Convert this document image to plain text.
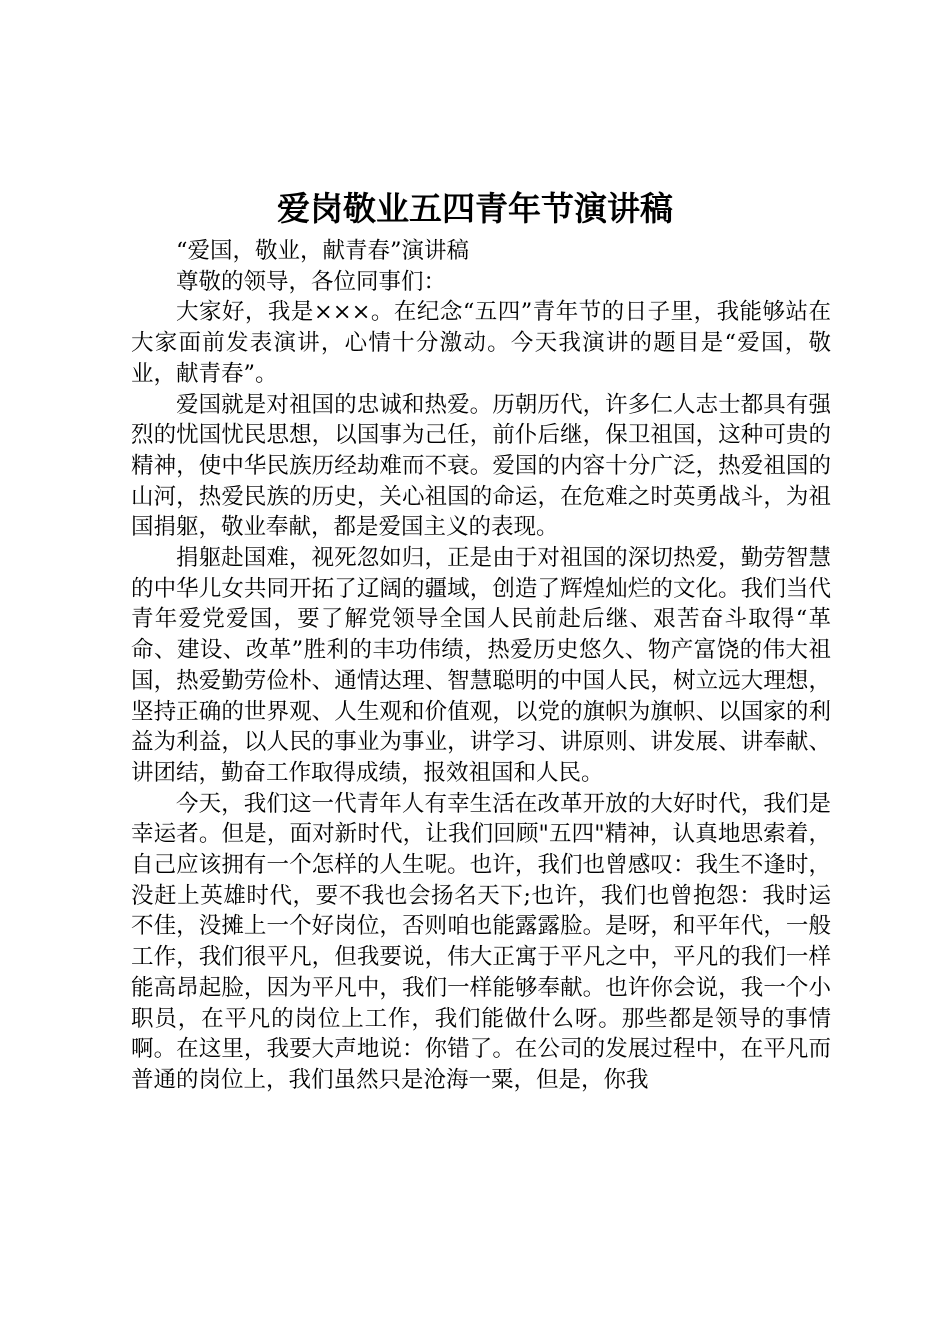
爱岗敬业五四青年节演讲稿

“爱国，敬业，献青春”演讲稿

尊敬的领导，各位同事们：

大家好，我是×××。在纪念“五四”青年节的日子里，我能够站在大家面前发表演讲，心情十分激动。今天我演讲的题目是“爱国，敬业，献青春”。

爱国就是对祖国的忠诚和热爱。历朝历代，许多仁人志士都具有强烈的忧国忧民思想，以国事为己任，前仆后继，保卫祖国，这种可贵的精神，使中华民族历经劫难而不衰。爱国的内容十分广泛，热爱祖国的山河，热爱民族的历史，关心祖国的命运，在危难之时英勇战斗，为祖国捐躯，敬业奉献，都是爱国主义的表现。

捐躯赴国难，视死忽如归，正是由于对祖国的深切热爱，勤劳智慧的中华儿女共同开拓了辽阔的疆域，创造了辉煌灿烂的文化。我们当代青年爱党爱国，要了解党领导全国人民前赴后继、艰苦奋斗取得“革命、建设、改革”胜利的丰功伟绩，热爱历史悠久、物产富饶的伟大祖国，热爱勤劳俭朴、通情达理、智慧聪明的中国人民，树立远大理想，坚持正确的世界观、人生观和价值观，以党的旗帜为旗帜、以国家的利益为利益，以人民的事业为事业，讲学习、讲原则、讲发展、讲奉献、讲团结，勤奋工作取得成绩，报效祖国和人民。

今天，我们这一代青年人有幸生活在改革开放的大好时代，我们是幸运者。但是，面对新时代，让我们回顾"五四"精神，认真地思索着，自己应该拥有一个怎样的人生呢。也许，我们也曾感叹：我生不逢时，没赶上英雄时代，要不我也会扬名天下;也许，我们也曾抱怨：我时运不佳，没摊上一个好岗位，否则咱也能露露脸。是呀，和平年代，一般工作，我们很平凡，但我要说，伟大正寓于平凡之中，平凡的我们一样能高昂起脸，因为平凡中，我们一样能够奉献。也许你会说，我一个小职员，在平凡的岗位上工作，我们能做什么呀。那些都是领导的事情啊。在这里，我要大声地说：你错了。在公司的发展过程中，在平凡而普通的岗位上，我们虽然只是沧海一粟，但是，你我
